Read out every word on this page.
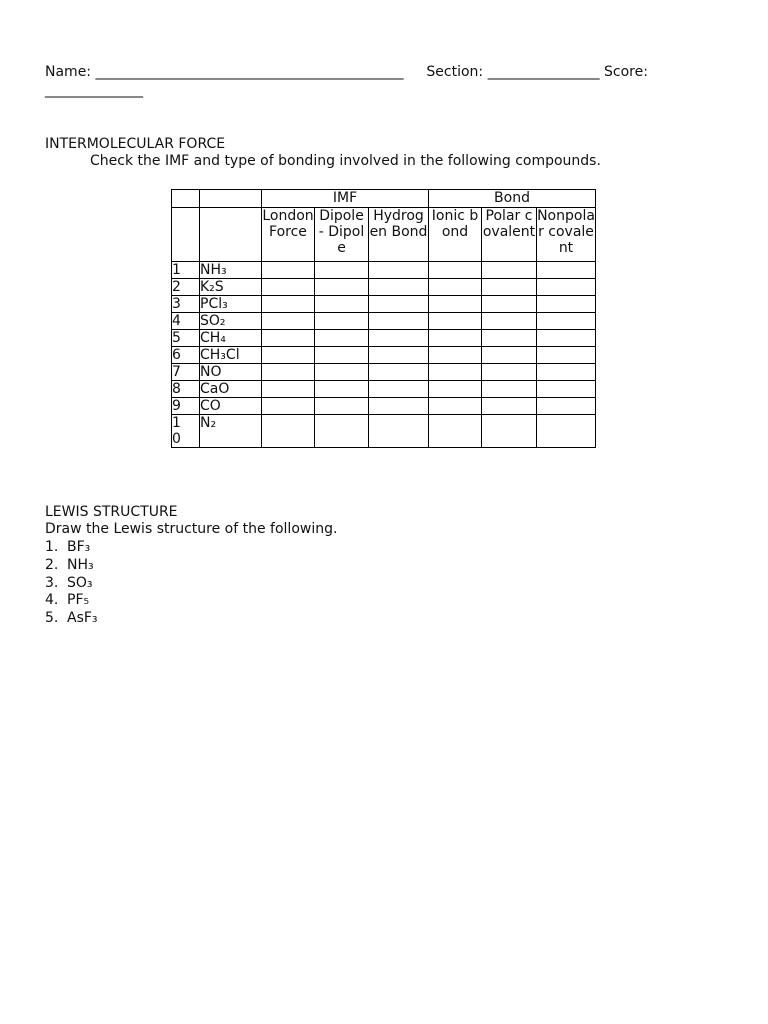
Name: ____________________________________________ Section: ________________ Score:
______________
INTERMOLECULAR FORCE
Check the IMF and type of bonding involved in the following compounds.
		IMF			Bond		
		London Force	Dipole - Dipole	Hydrogen Bond	Ionic bond	Polar covalent	Nonpolar covalent
1	NH₃						
2	K₂S						
3	PCl₃						
4	SO₂						
5	CH₄						
6	CH₃Cl						
7	NO						
8	CaO						
9	CO						
10	N₂						
LEWIS STRUCTURE
Draw the Lewis structure of the following.
1. BF₃
2. NH₃
3. SO₃
4. PF₅
5. AsF₃
